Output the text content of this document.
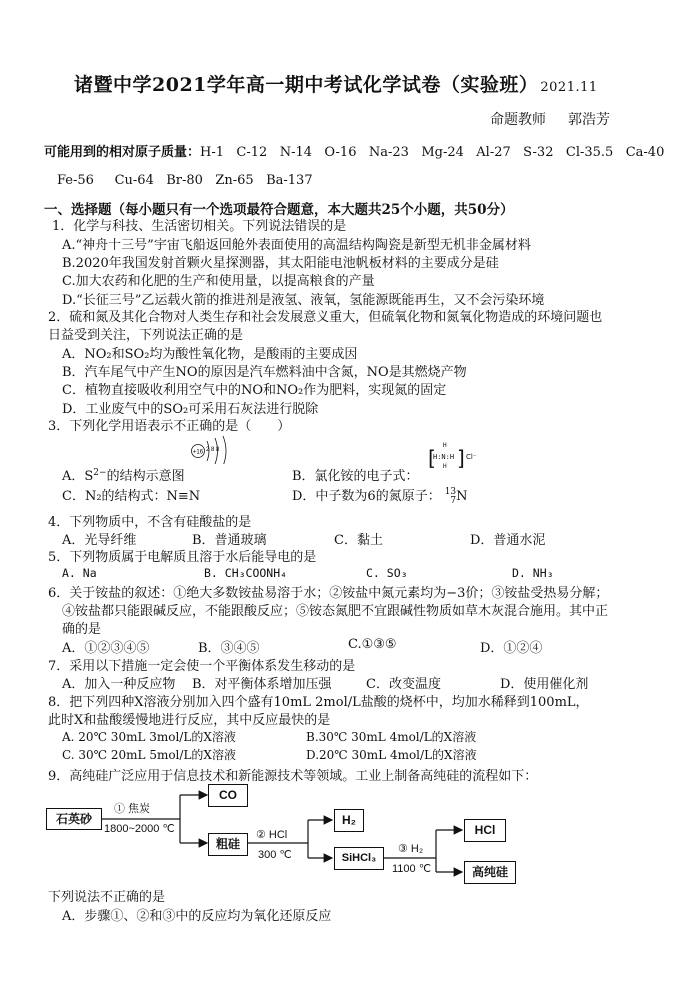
诸暨中学2021学年高一期中考试化学试卷（实验班） 2021.11
命题教师 郭浩芳
可能用到的相对原子质量：H-1   C-12   N-14   O-16   Na-23   Mg-24   Al-27   S-32   Cl-35.5   Ca-40
Fe-56     Cu-64   Br-80   Zn-65   Ba-137
一、选择题（每小题只有一个选项最符合题意，本大题共25个小题，共50分）
1．化学与科技、生活密切相关。下列说法错误的是
A.“神舟十三号”宇宙飞船返回舱外表面使用的高温结构陶瓷是新型无机非金属材料
B.2020年我国发射首颗火星探测器，其太阳能电池帆板材料的主要成分是硅
C.加大农药和化肥的生产和使用量，以提高粮食的产量
D.“长征三号”乙运载火箭的推进剂是液氢、液氧，氢能源既能再生，又不会污染环境
2．硫和氮及其化合物对人类生存和社会发展意义重大，但硫氧化物和氮氧化物造成的环境问题也
日益受到关注，下列说法正确的是
A．NO₂和SO₂均为酸性氧化物，是酸雨的主要成因
B．汽车尾气中产生NO的原因是汽车燃料油中含氮，NO是其燃烧产物
C．植物直接吸收利用空气中的NO和NO₂作为肥料，实现氮的固定
D．工业废气中的SO₂可采用石灰法进行脱除
3．下列化学用语表示不正确的是（　　）
+16 2 8 8
A．$S^{2-}$的结构示意图	B．氯化铵的电子式：
[
H
H:N:H
H ] Cl⁻
C．N₂的结构式：N≡N	D．中子数为6的氮原子： 13
7 N
4．下列物质中，不含有硅酸盐的是
A．光导纤维	B．普通玻璃	C．黏土	D．普通水泥
5．下列物质属于电解质且溶于水后能导电的是
A. Na	B. CH₃COONH₄	C. SO₃	D. NH₃
6．关于铵盐的叙述：①绝大多数铵盐易溶于水；②铵盐中氮元素均为−3价；③铵盐受热易分解；
④铵盐都只能跟碱反应，不能跟酸反应；⑤铵态氮肥不宜跟碱性物质如草木灰混合施用。其中正
确的是
A．①②③④⑤	B．③④⑤	C.①③⑤	D．①②④
7．采用以下措施一定会使一个平衡体系发生移动的是
A．加入一种反应物 B．对平衡体系增加压强	C．改变温度	D．使用催化剂
8．把下列四种X溶液分别加入四个盛有10mL 2mol/L盐酸的烧杯中，均加水稀释到100mL，
此时X和盐酸缓慢地进行反应，其中反应最快的是
A. 20℃ 30mL 3mol/L的X溶液	B.30℃ 30mL 4mol/L的X溶液
C. 30℃ 20mL 5mol/L的X溶液	D.20℃ 30mL 4mol/L的X溶液
9．高纯硅广泛应用于信息技术和新能源技术等领域。工业上制备高纯硅的流程如下：
石英砂
① 焦炭
1800~2000 ℃
CO
粗硅
② HCl
300 ℃
H₂
SiHCl₃
③ H₂
1100 ℃
HCl
高纯硅
下列说法不正确的是
A．步骤①、②和③中的反应均为氧化还原反应
